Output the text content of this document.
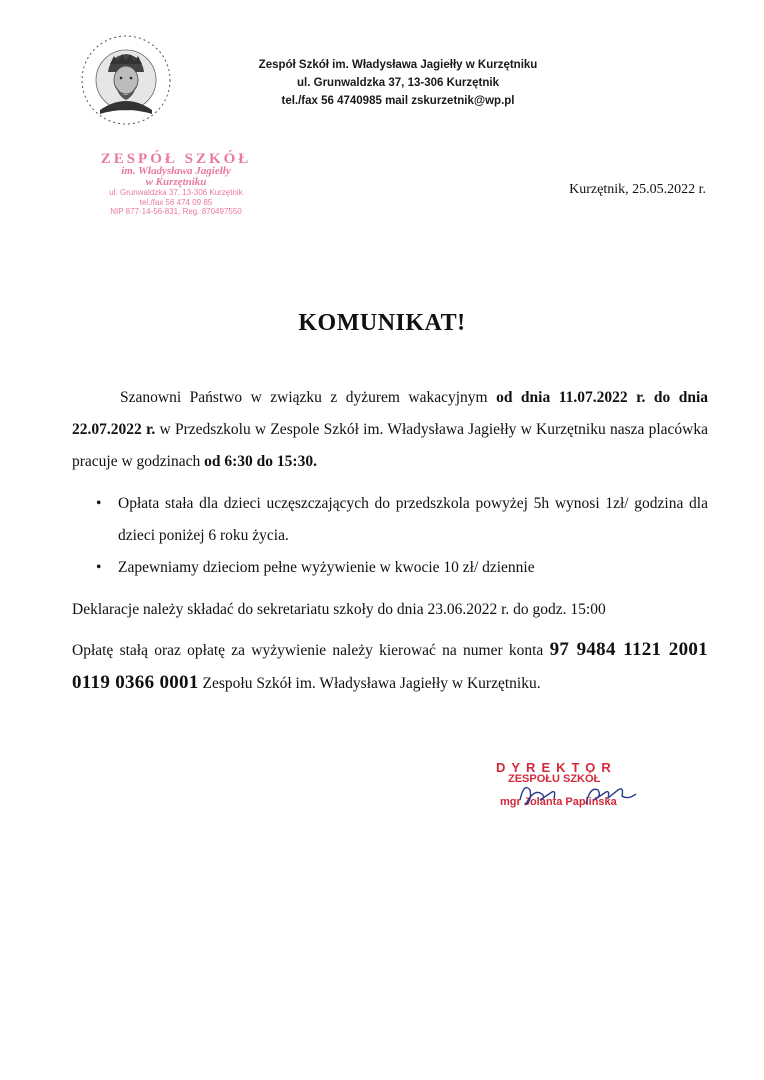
Zespół Szkół im. Władysława Jagiełły w Kurzętniku
ul. Grunwaldzka 37, 13-306 Kurzętnik
tel./fax 56 4740985 mail zskurzetnik@wp.pl
ZESPÓŁ SZKÓŁ
im. Władysława Jagiełły
w Kurzętniku
ul. Grunwaldzka 37, 13-306 Kurzętnik
tel./fax 56 474 09 85
NIP 877-14-56-831, Reg. 870497550
Kurzętnik, 25.05.2022 r.
KOMUNIKAT!
Szanowni Państwo w związku z dyżurem wakacyjnym od dnia 11.07.2022 r. do dnia 22.07.2022 r. w Przedszkolu w Zespole Szkół im. Władysława Jagiełły w Kurzętniku nasza placówka pracuje w godzinach od 6:30 do 15:30.
• Opłata stała dla dzieci uczęszczających do przedszkola powyżej 5h wynosi 1zł/ godzina dla dzieci poniżej 6 roku życia.
• Zapewniamy dzieciom pełne wyżywienie w kwocie 10 zł/ dziennie
Deklaracje należy składać do sekretariatu szkoły do dnia 23.06.2022 r. do godz. 15:00
Opłatę stałą oraz opłatę za wyżywienie należy kierować na numer konta 97 9484 1121 2001 0119 0366 0001 Zespołu Szkół im. Władysława Jagiełły w Kurzętniku.
DYREKTOR
ZESPOŁU SZKÓŁ
mgr Jolanta Paplińska
